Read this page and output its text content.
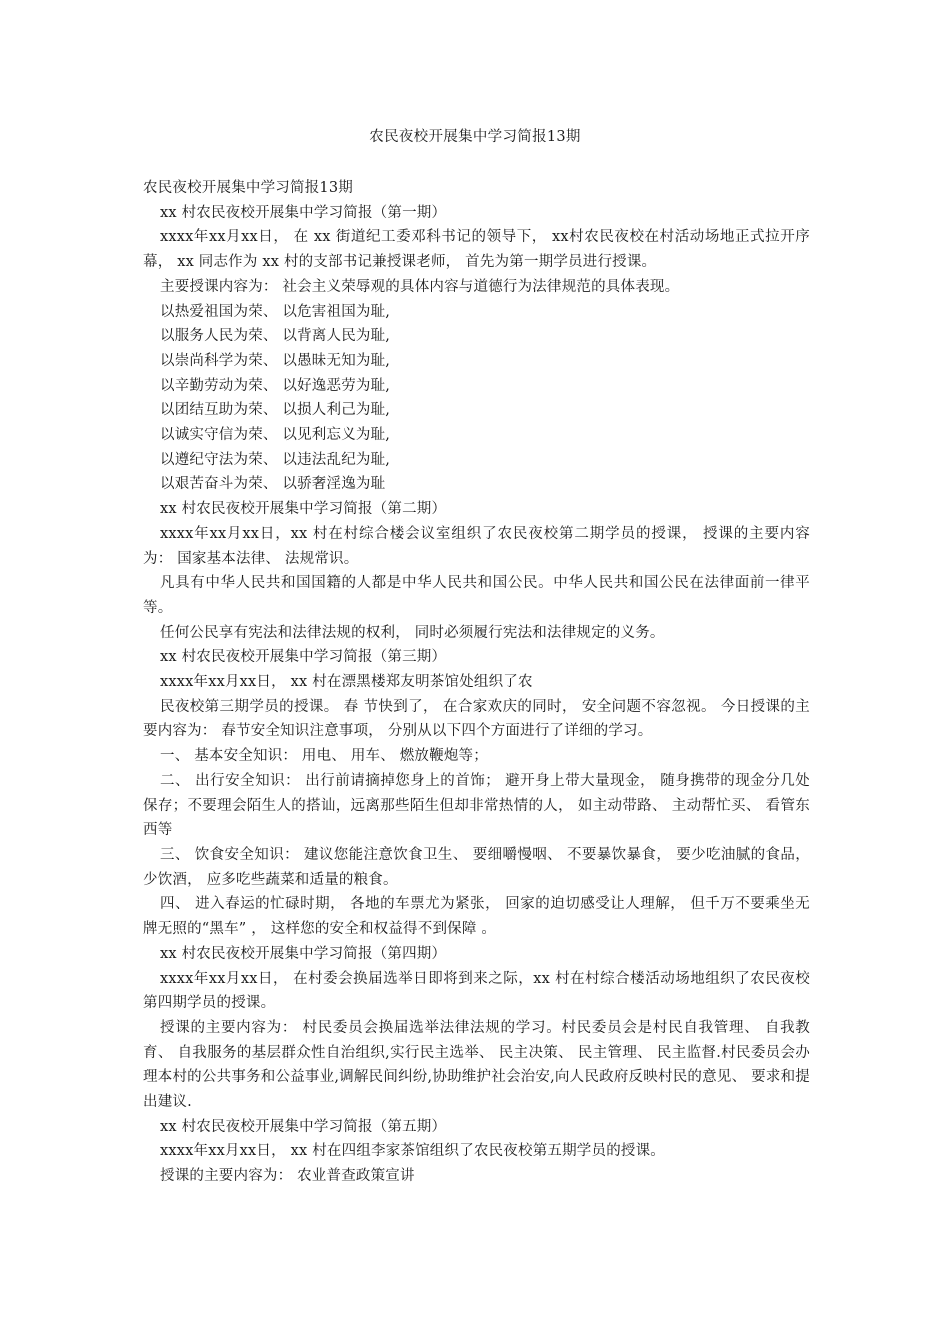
农民夜校开展集中学习简报13期

农民夜校开展集中学习简报13期

xx 村农民夜校开展集中学习简报（第一期）

xxxx年xx月xx日， 在 xx 街道纪工委邓科书记的领导下， xx村农民夜校在村活动场地正式拉开序幕， xx 同志作为 xx 村的支部书记兼授课老师， 首先为第一期学员进行授课。

主要授课内容为： 社会主义荣辱观的具体内容与道德行为法律规范的具体表现。

以热爱祖国为荣、 以危害祖国为耻,

以服务人民为荣、 以背离人民为耻,

以崇尚科学为荣、 以愚昧无知为耻,

以辛勤劳动为荣、 以好逸恶劳为耻,

以团结互助为荣、 以损人利己为耻,

以诚实守信为荣、 以见利忘义为耻,

以遵纪守法为荣、 以违法乱纪为耻,

以艰苦奋斗为荣、 以骄奢淫逸为耻

xx 村农民夜校开展集中学习简报（第二期）

xxxx年xx月xx日，xx 村在村综合楼会议室组织了农民夜校第二期学员的授课， 授课的主要内容为： 国家基本法律、 法规常识。

凡具有中华人民共和国国籍的人都是中华人民共和国公民。中华人民共和国公民在法律面前一律平等。

任何公民享有宪法和法律法规的权利， 同时必须履行宪法和法律规定的义务。

xx 村农民夜校开展集中学习简报（第三期）

xxxx年xx月xx日， xx 村在漂黑楼郑友明茶馆处组织了农

民夜校第三期学员的授课。 春 节快到了， 在合家欢庆的同时， 安全问题不容忽视。 今日授课的主要内容为： 春节安全知识注意事项， 分别从以下四个方面进行了详细的学习。

一、 基本安全知识： 用电、 用车、 燃放鞭炮等；

二、 出行安全知识： 出行前请摘掉您身上的首饰； 避开身上带大量现金， 随身携带的现金分几处保存；不要理会陌生人的搭讪，远离那些陌生但却非常热情的人， 如主动带路、 主动帮忙买、 看管东西等

三、 饮食安全知识： 建议您能注意饮食卫生、 要细嚼慢咽、 不要暴饮暴食， 要少吃油腻的食品， 少饮酒， 应多吃些蔬菜和适量的粮食。

四、 进入春运的忙碌时期， 各地的车票尤为紧张， 回家的迫切感受让人理解， 但千万不要乘坐无牌无照的“黑车” ， 这样您的安全和权益得不到保障 。

xx 村农民夜校开展集中学习简报（第四期）

xxxx年xx月xx日， 在村委会换届选举日即将到来之际，xx 村在村综合楼活动场地组织了农民夜校第四期学员的授课。

授课的主要内容为： 村民委员会换届选举法律法规的学习。村民委员会是村民自我管理、 自我教育、 自我服务的基层群众性自治组织,实行民主选举、 民主决策、 民主管理、 民主监督.村民委员会办理本村的公共事务和公益事业,调解民间纠纷,协助维护社会治安,向人民政府反映村民的意见、 要求和提出建议.

xx 村农民夜校开展集中学习简报（第五期）

xxxx年xx月xx日， xx 村在四组李家茶馆组织了农民夜校第五期学员的授课。

授课的主要内容为： 农业普查政策宣讲
